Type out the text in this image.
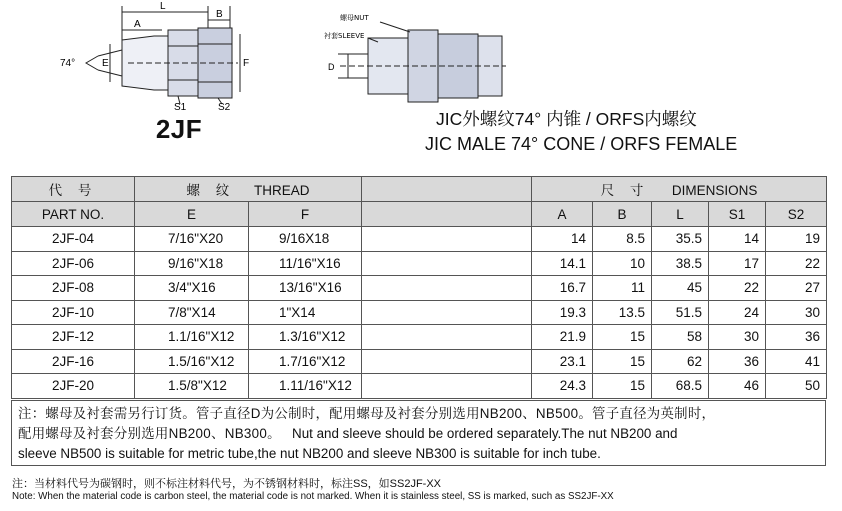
L
A
B
74°	E	F
S1	S2
螺母NUT
衬套SLEEVE
D
2JF	JIC外螺纹74° 内锥 / ORFS内螺纹
JIC MALE 74° CONE / ORFS FEMALE
代 号	螺 纹 THREAD			尺 寸 DIMENSIONS				
PART NO.	E	F		A	B	L	S1	S2
2JF-04	7/16"X20	9/16X18		14	8.5	35.5	14	19
2JF-06	9/16"X18	11/16"X16		14.1	10	38.5	17	22
2JF-08	3/4"X16	13/16"X16		16.7	11	45	22	27
2JF-10	7/8"X14	1"X14		19.3	13.5	51.5	24	30
2JF-12	1.1/16"X12	1.3/16"X12		21.9	15	58	30	36
2JF-16	1.5/16"X12	1.7/16"X12		23.1	15	62	36	41
2JF-20	1.5/8"X12	1.11/16"X12		24.3	15	68.5	46	50
注：螺母及衬套需另行订货。管子直径D为公制时，配用螺母及衬套分别选用NB200、NB500。管子直径为英制时，
配用螺母及衬套分别选用NB200、NB300。 Nut and sleeve should be ordered separately.The nut NB200 and
sleeve NB500 is suitable for metric tube,the nut NB200 and sleeve NB300 is suitable for inch tube.
注：当材料代号为碳钢时，则不标注材料代号，为不锈钢材料时，标注SS，如SS2JF-XX
Note: When the material code is carbon steel, the material code is not marked. When it is stainless steel, SS is marked, such as SS2JF-XX
